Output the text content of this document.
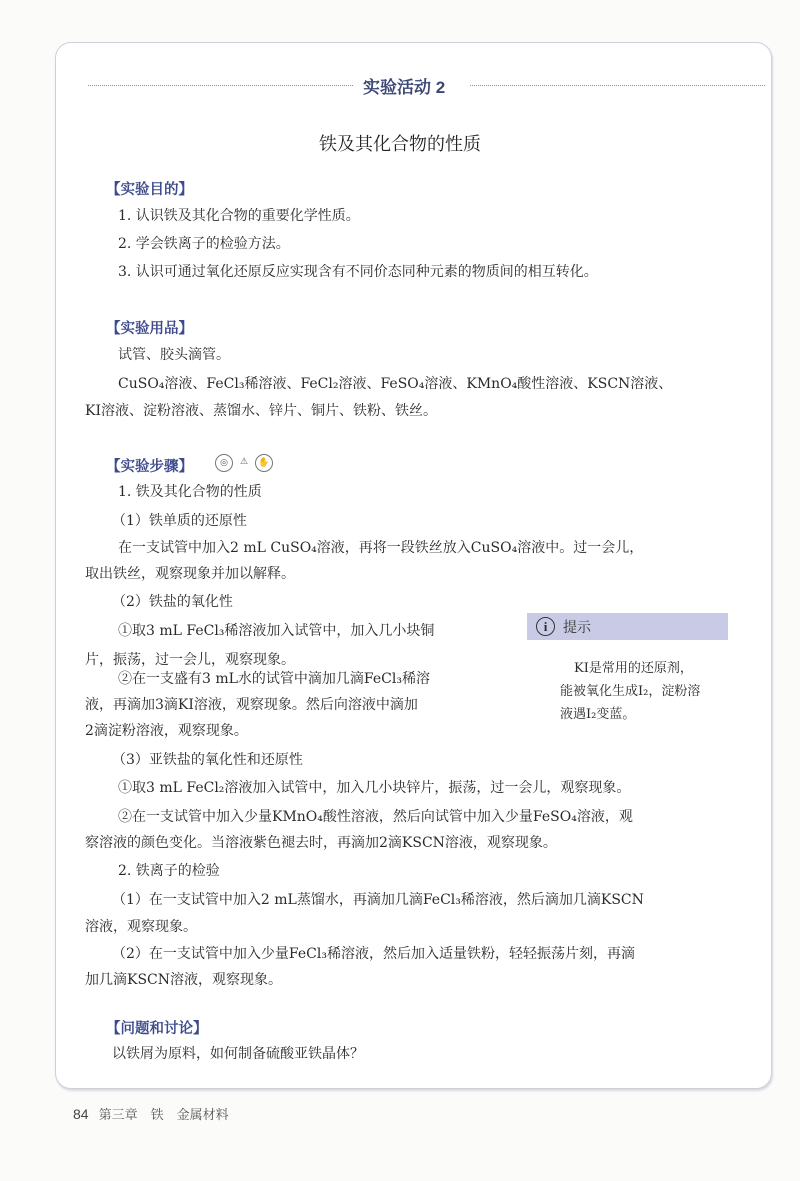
实验活动 2
铁及其化合物的性质
【实验目的】
1. 认识铁及其化合物的重要化学性质。
2. 学会铁离子的检验方法。
3. 认识可通过氧化还原反应实现含有不同价态同种元素的物质间的相互转化。
【实验用品】
试管、胶头滴管。
CuSO₄溶液、FeCl₃稀溶液、FeCl₂溶液、FeSO₄溶液、KMnO₄酸性溶液、KSCN溶液、
KI溶液、淀粉溶液、蒸馏水、锌片、铜片、铁粉、铁丝。
【实验步骤】	◎	⚠	✋
1. 铁及其化合物的性质
（1）铁单质的还原性
在一支试管中加入2 mL CuSO₄溶液，再将一段铁丝放入CuSO₄溶液中。过一会儿，
取出铁丝，观察现象并加以解释。
（2）铁盐的氧化性
①取3 mL FeCl₃稀溶液加入试管中，加入几小块铜
片，振荡，过一会儿，观察现象。
②在一支盛有3 mL水的试管中滴加几滴FeCl₃稀溶
液，再滴加3滴KI溶液，观察现象。然后向溶液中滴加
2滴淀粉溶液，观察现象。
（3）亚铁盐的氧化性和还原性
①取3 mL FeCl₂溶液加入试管中，加入几小块锌片，振荡，过一会儿，观察现象。
②在一支试管中加入少量KMnO₄酸性溶液，然后向试管中加入少量FeSO₄溶液，观
察溶液的颜色变化。当溶液紫色褪去时，再滴加2滴KSCN溶液，观察现象。
2. 铁离子的检验
（1）在一支试管中加入2 mL蒸馏水，再滴加几滴FeCl₃稀溶液，然后滴加几滴KSCN
溶液，观察现象。
（2）在一支试管中加入少量FeCl₃稀溶液，然后加入适量铁粉，轻轻振荡片刻，再滴
加几滴KSCN溶液，观察现象。
i	提示
KI是常用的还原剂，
能被氧化生成I₂，淀粉溶
液遇I₂变蓝。
【问题和讨论】
以铁屑为原料，如何制备硫酸亚铁晶体？
84 第三章　铁　金属材料
